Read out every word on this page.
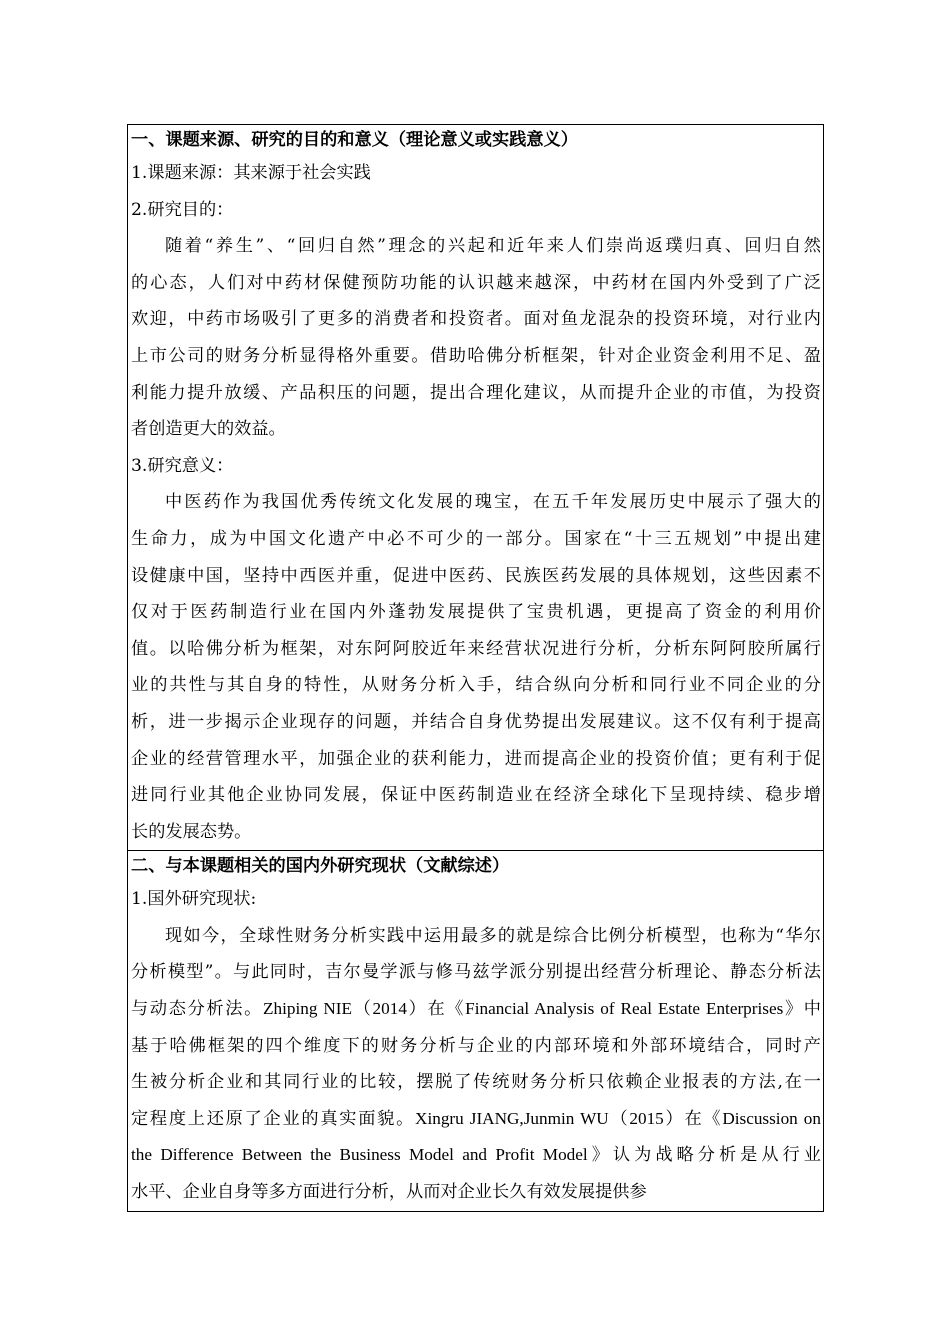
一、课题来源、研究的目的和意义（理论意义或实践意义）
1.课题来源：其来源于社会实践
2.研究目的：
随着“养生”、“回归自然”理念的兴起和近年来人们崇尚返璞归真、回归自然
的心态，人们对中药材保健预防功能的认识越来越深，中药材在国内外受到了广泛
欢迎，中药市场吸引了更多的消费者和投资者。面对鱼龙混杂的投资环境，对行业内
上市公司的财务分析显得格外重要。借助哈佛分析框架，针对企业资金利用不足、盈
利能力提升放缓、产品积压的问题，提出合理化建议，从而提升企业的市值，为投资
者创造更大的效益。
3.研究意义：
中医药作为我国优秀传统文化发展的瑰宝，在五千年发展历史中展示了强大的
生命力，成为中国文化遗产中必不可少的一部分。国家在“十三五规划”中提出建
设健康中国，坚持中西医并重，促进中医药、民族医药发展的具体规划，这些因素不
仅对于医药制造行业在国内外蓬勃发展提供了宝贵机遇，更提高了资金的利用价
值。以哈佛分析为框架，对东阿阿胶近年来经营状况进行分析，分析东阿阿胶所属行
业的共性与其自身的特性，从财务分析入手，结合纵向分析和同行业不同企业的分
析，进一步揭示企业现存的问题，并结合自身优势提出发展建议。这不仅有利于提高
企业的经营管理水平，加强企业的获利能力，进而提高企业的投资价值；更有利于促
进同行业其他企业协同发展，保证中医药制造业在经济全球化下呈现持续、稳步增
长的发展态势。
二、与本课题相关的国内外研究现状（文献综述）
1.国外研究现状:
现如今，全球性财务分析实践中运用最多的就是综合比例分析模型，也称为“华尔
分析模型”。与此同时，吉尔曼学派与修马兹学派分别提出经营分析理论、静态分析法
与动态分析法。Zhiping NIE（2014）在《Financial Analysis of Real Estate Enterprises》中
基于哈佛框架的四个维度下的财务分析与企业的内部环境和外部环境结合，同时产
生被分析企业和其同行业的比较，摆脱了传统财务分析只依赖企业报表的方法,在一
定程度上还原了企业的真实面貌。Xingru JIANG,Junmin WU（2015）在《Discussion on
the Difference Between the Business Model and Profit Model》认为战略分析是从行业
水平、企业自身等多方面进行分析，从而对企业长久有效发展提供参
